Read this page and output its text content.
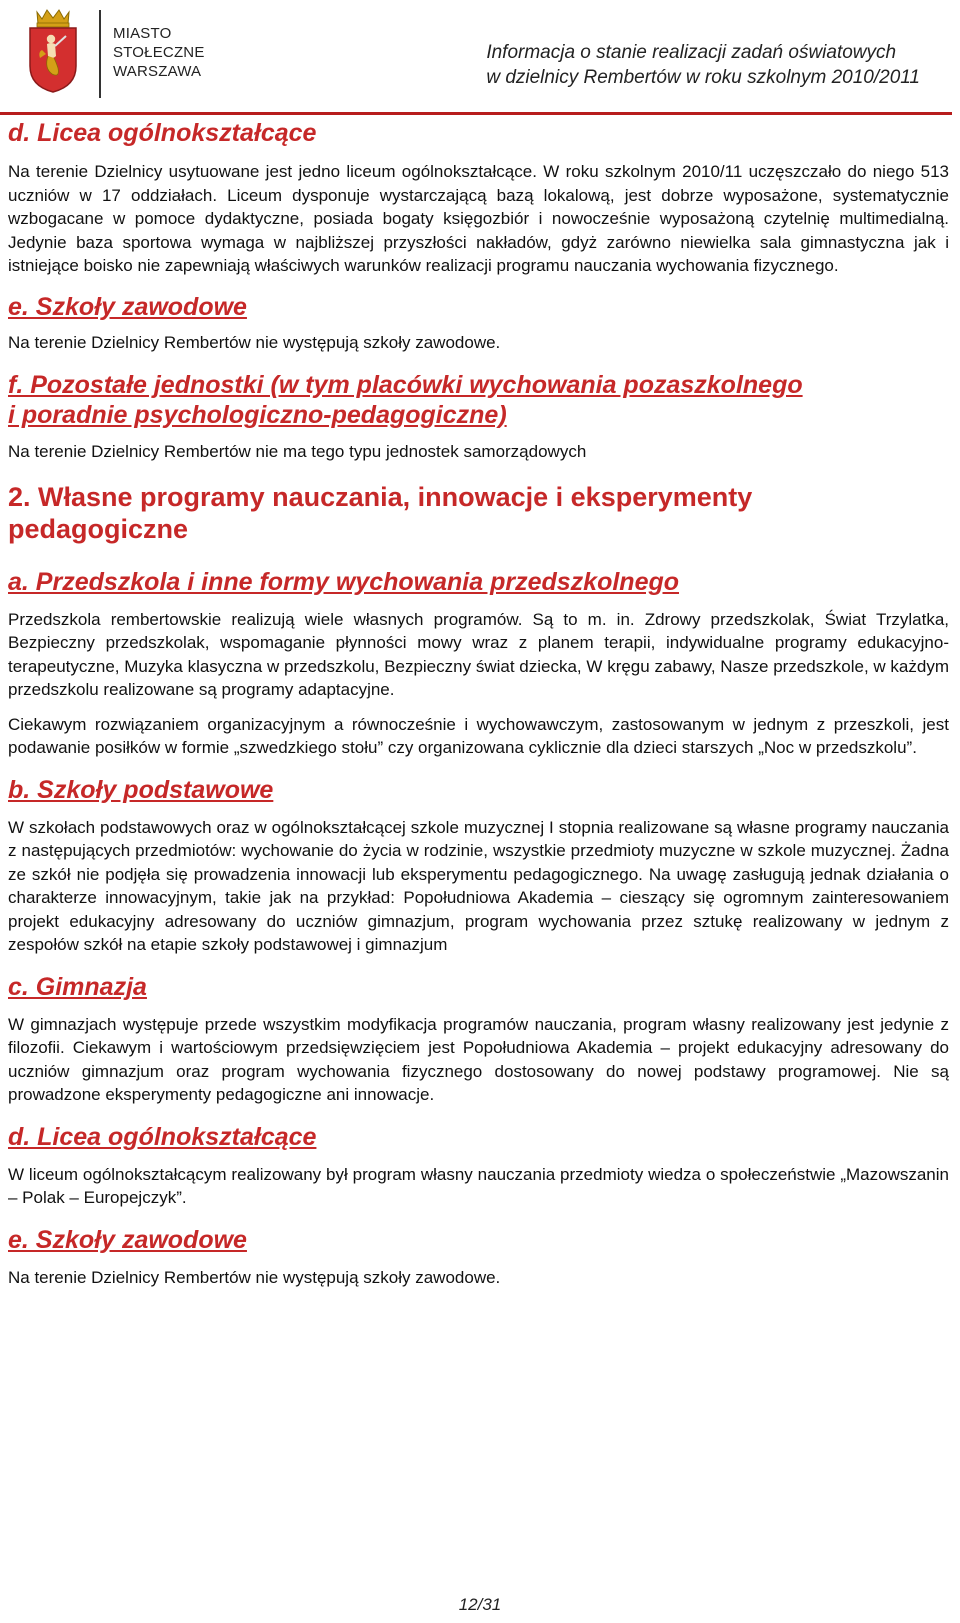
MIASTO
STOŁECZNE
WARSZAWA
Informacja o stanie realizacji zadań oświatowych
w dzielnicy Rembertów w roku szkolnym 2010/2011
d. Licea ogólnokształcące

Na terenie Dzielnicy usytuowane jest jedno liceum ogólnokształcące. W roku szkolnym 2010/11 uczęszczało do niego 513 uczniów w 17 oddziałach. Liceum dysponuje wystarczającą bazą lokalową, jest dobrze wyposażone, systematycznie wzbogacane w pomoce dydaktyczne, posiada bogaty księgozbiór i nowocześnie wyposażoną czytelnię multimedialną. Jedynie baza sportowa wymaga w najbliższej przyszłości nakładów, gdyż zarówno niewielka sala gimnastyczna jak i istniejące boisko nie zapewniają właściwych warunków realizacji programu nauczania wychowania fizycznego.

e. Szkoły zawodowe

Na terenie Dzielnicy Rembertów nie występują szkoły zawodowe.

f. Pozostałe jednostki (w tym placówki wychowania pozaszkolnego
i poradnie psychologiczno-pedagogiczne)

Na terenie Dzielnicy Rembertów nie ma tego typu jednostek samorządowych

2. Własne programy nauczania, innowacje i eksperymenty
pedagogiczne
a. Przedszkola i inne formy wychowania przedszkolnego

Przedszkola rembertowskie realizują wiele własnych programów. Są to m. in. Zdrowy przedszkolak, Świat Trzylatka, Bezpieczny przedszkolak, wspomaganie płynności mowy wraz z planem terapii, indywidualne programy edukacyjno-terapeutyczne, Muzyka klasyczna w przedszkolu, Bezpieczny świat dziecka, W kręgu zabawy, Nasze przedszkole, w każdym przedszkolu realizowane są programy adaptacyjne.

Ciekawym rozwiązaniem organizacyjnym a równocześnie i wychowawczym, zastosowanym w jednym z przeszkoli, jest podawanie posiłków w formie „szwedzkiego stołu” czy organizowana cyklicznie dla dzieci starszych „Noc w przedszkolu”.

b. Szkoły podstawowe

W szkołach podstawowych oraz w ogólnokształcącej szkole muzycznej I stopnia realizowane są własne programy nauczania z następujących przedmiotów: wychowanie do życia w rodzinie, wszystkie przedmioty muzyczne w szkole muzycznej. Żadna ze szkół nie podjęła się prowadzenia innowacji lub eksperymentu pedagogicznego. Na uwagę zasługują jednak działania o charakterze innowacyjnym, takie jak na przykład: Popołudniowa Akademia – cieszący się ogromnym zainteresowaniem projekt edukacyjny adresowany do uczniów gimnazjum, program wychowania przez sztukę realizowany w jednym z zespołów szkół na etapie szkoły podstawowej i gimnazjum

c. Gimnazja

W gimnazjach występuje przede wszystkim modyfikacja programów nauczania, program własny realizowany jest jedynie z filozofii. Ciekawym i wartościowym przedsięwzięciem jest Popołudniowa Akademia – projekt edukacyjny adresowany do uczniów gimnazjum oraz program wychowania fizycznego dostosowany do nowej podstawy programowej. Nie są prowadzone eksperymenty pedagogiczne ani innowacje.

d. Licea ogólnokształcące

W liceum ogólnokształcącym realizowany był program własny nauczania przedmioty wiedza o społeczeństwie „Mazowszanin – Polak – Europejczyk”.

e. Szkoły zawodowe

Na terenie Dzielnicy Rembertów nie występują szkoły zawodowe.

12/31
